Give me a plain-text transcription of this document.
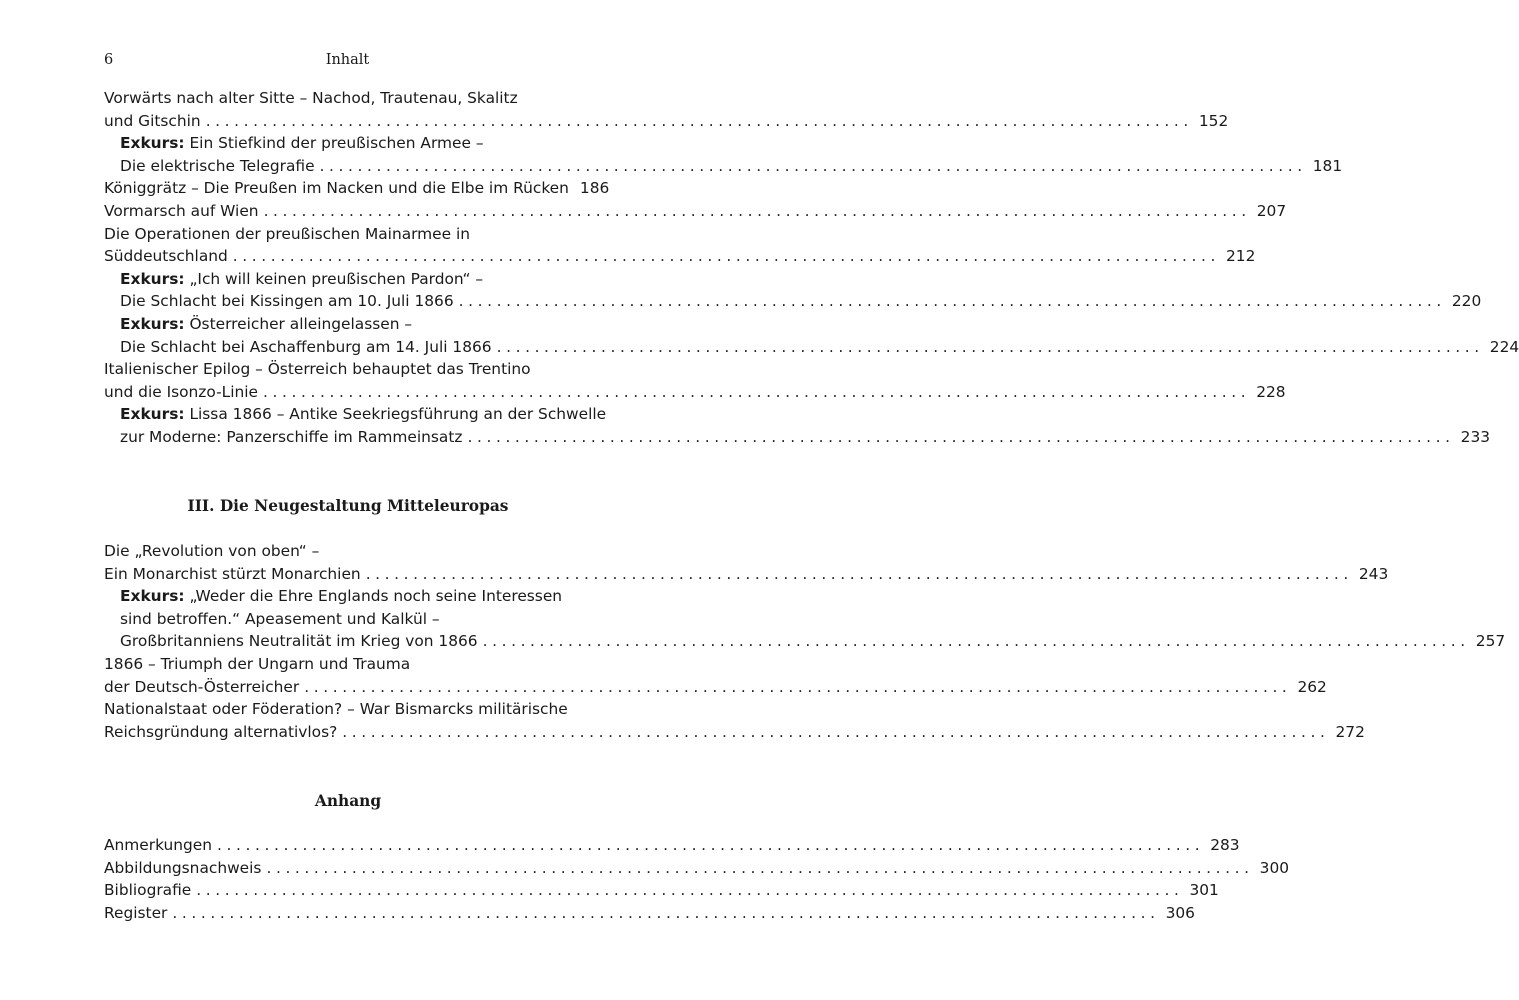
6	Inhalt
Vorwärts nach alter Sitte – Nachod, Trautenau, Skalitz
und Gitschin ........................................................................................................ 152
Exkurs: Ein Stiefkind der preußischen Armee –
Die elektrische Telegrafie ........................................................................................................ 181
Königgrätz – Die Preußen im Nacken und die Elbe im Rücken 186
Vormarsch auf Wien ........................................................................................................ 207
Die Operationen der preußischen Mainarmee in
Süddeutschland ........................................................................................................ 212
Exkurs: „Ich will keinen preußischen Pardon“ –
Die Schlacht bei Kissingen am 10. Juli 1866 ........................................................................................................ 220
Exkurs: Österreicher alleingelassen –
Die Schlacht bei Aschaffenburg am 14. Juli 1866 ........................................................................................................ 224
Italienischer Epilog – Österreich behauptet das Trentino
und die Isonzo-Linie ........................................................................................................ 228
Exkurs: Lissa 1866 – Antike Seekriegsführung an der Schwelle
zur Moderne: Panzerschiffe im Rammeinsatz ........................................................................................................ 233
III. Die Neugestaltung Mitteleuropas
Die „Revolution von oben“ –
Ein Monarchist stürzt Monarchien ........................................................................................................ 243
Exkurs: „Weder die Ehre Englands noch seine Interessen
sind betroffen.“ Apeasement und Kalkül –
Großbritanniens Neutralität im Krieg von 1866 ........................................................................................................ 257
1866 – Triumph der Ungarn und Trauma
der Deutsch-Österreicher ........................................................................................................ 262
Nationalstaat oder Föderation? – War Bismarcks militärische
Reichsgründung alternativlos? ........................................................................................................ 272
Anhang
Anmerkungen ........................................................................................................ 283
Abbildungsnachweis ........................................................................................................ 300
Bibliografie ........................................................................................................ 301
Register ........................................................................................................ 306
